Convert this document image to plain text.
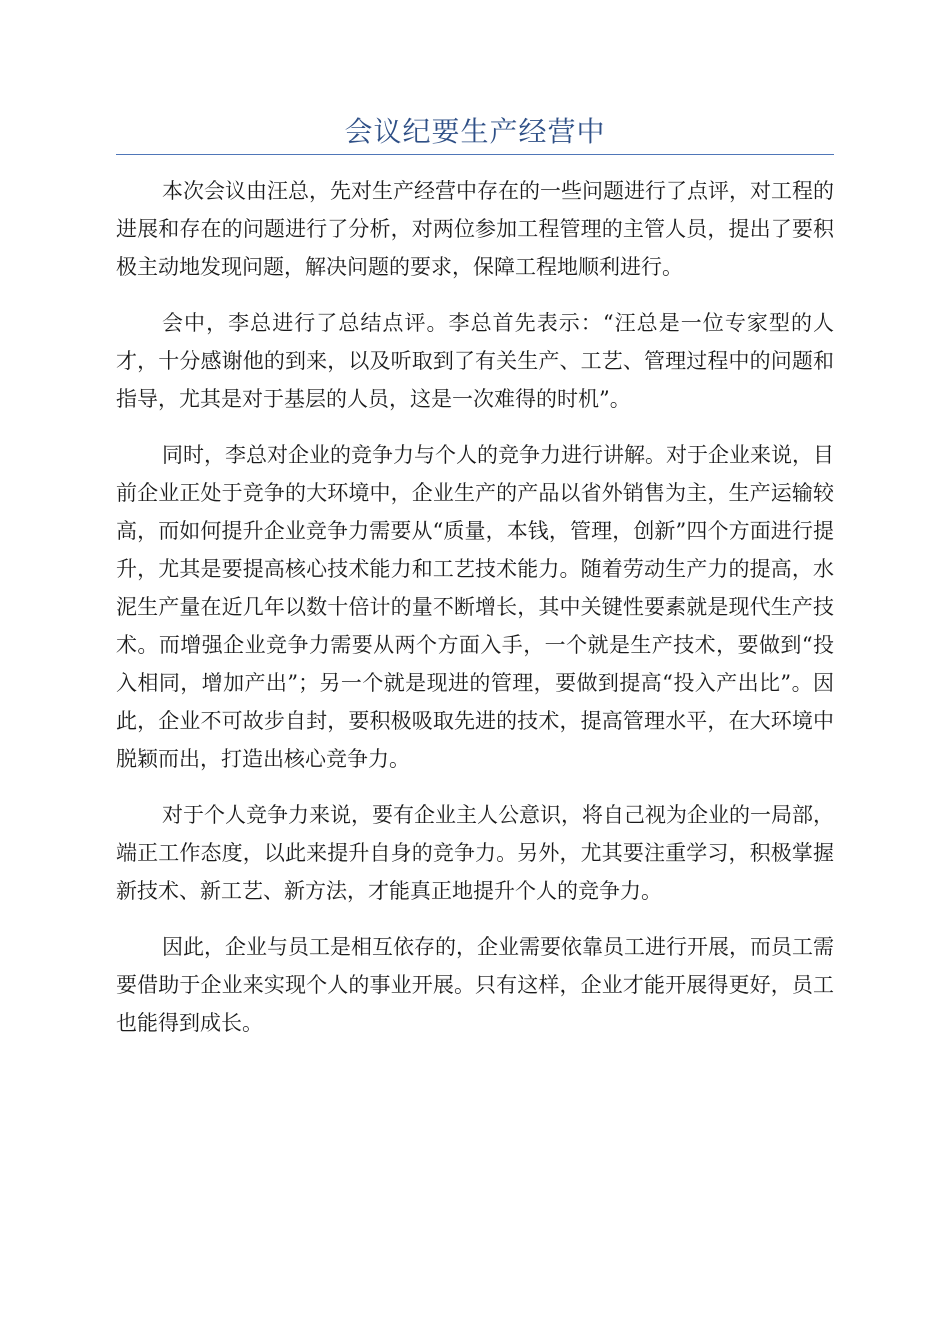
会议纪要生产经营中

本次会议由汪总，先对生产经营中存在的一些问题进行了点评，对工程的进展和存在的问题进行了分析，对两位参加工程管理的主管人员，提出了要积极主动地发现问题，解决问题的要求，保障工程地顺利进行。

会中，李总进行了总结点评。李总首先表示：“汪总是一位专家型的人才，十分感谢他的到来，以及听取到了有关生产、工艺、管理过程中的问题和指导，尤其是对于基层的人员，这是一次难得的时机”。

同时，李总对企业的竞争力与个人的竞争力进行讲解。对于企业来说，目前企业正处于竞争的大环境中，企业生产的产品以省外销售为主，生产运输较高，而如何提升企业竞争力需要从“质量，本钱，管理，创新”四个方面进行提升，尤其是要提高核心技术能力和工艺技术能力。随着劳动生产力的提高，水泥生产量在近几年以数十倍计的量不断增长，其中关键性要素就是现代生产技术。而增强企业竞争力需要从两个方面入手，一个就是生产技术，要做到“投入相同，增加产出”；另一个就是现进的管理，要做到提高“投入产出比”。因此，企业不可故步自封，要积极吸取先进的技术，提高管理水平，在大环境中脱颖而出，打造出核心竞争力。

对于个人竞争力来说，要有企业主人公意识，将自己视为企业的一局部，端正工作态度，以此来提升自身的竞争力。另外，尤其要注重学习，积极掌握新技术、新工艺、新方法，才能真正地提升个人的竞争力。

因此，企业与员工是相互依存的，企业需要依靠员工进行开展，而员工需要借助于企业来实现个人的事业开展。只有这样，企业才能开展得更好，员工也能得到成长。
